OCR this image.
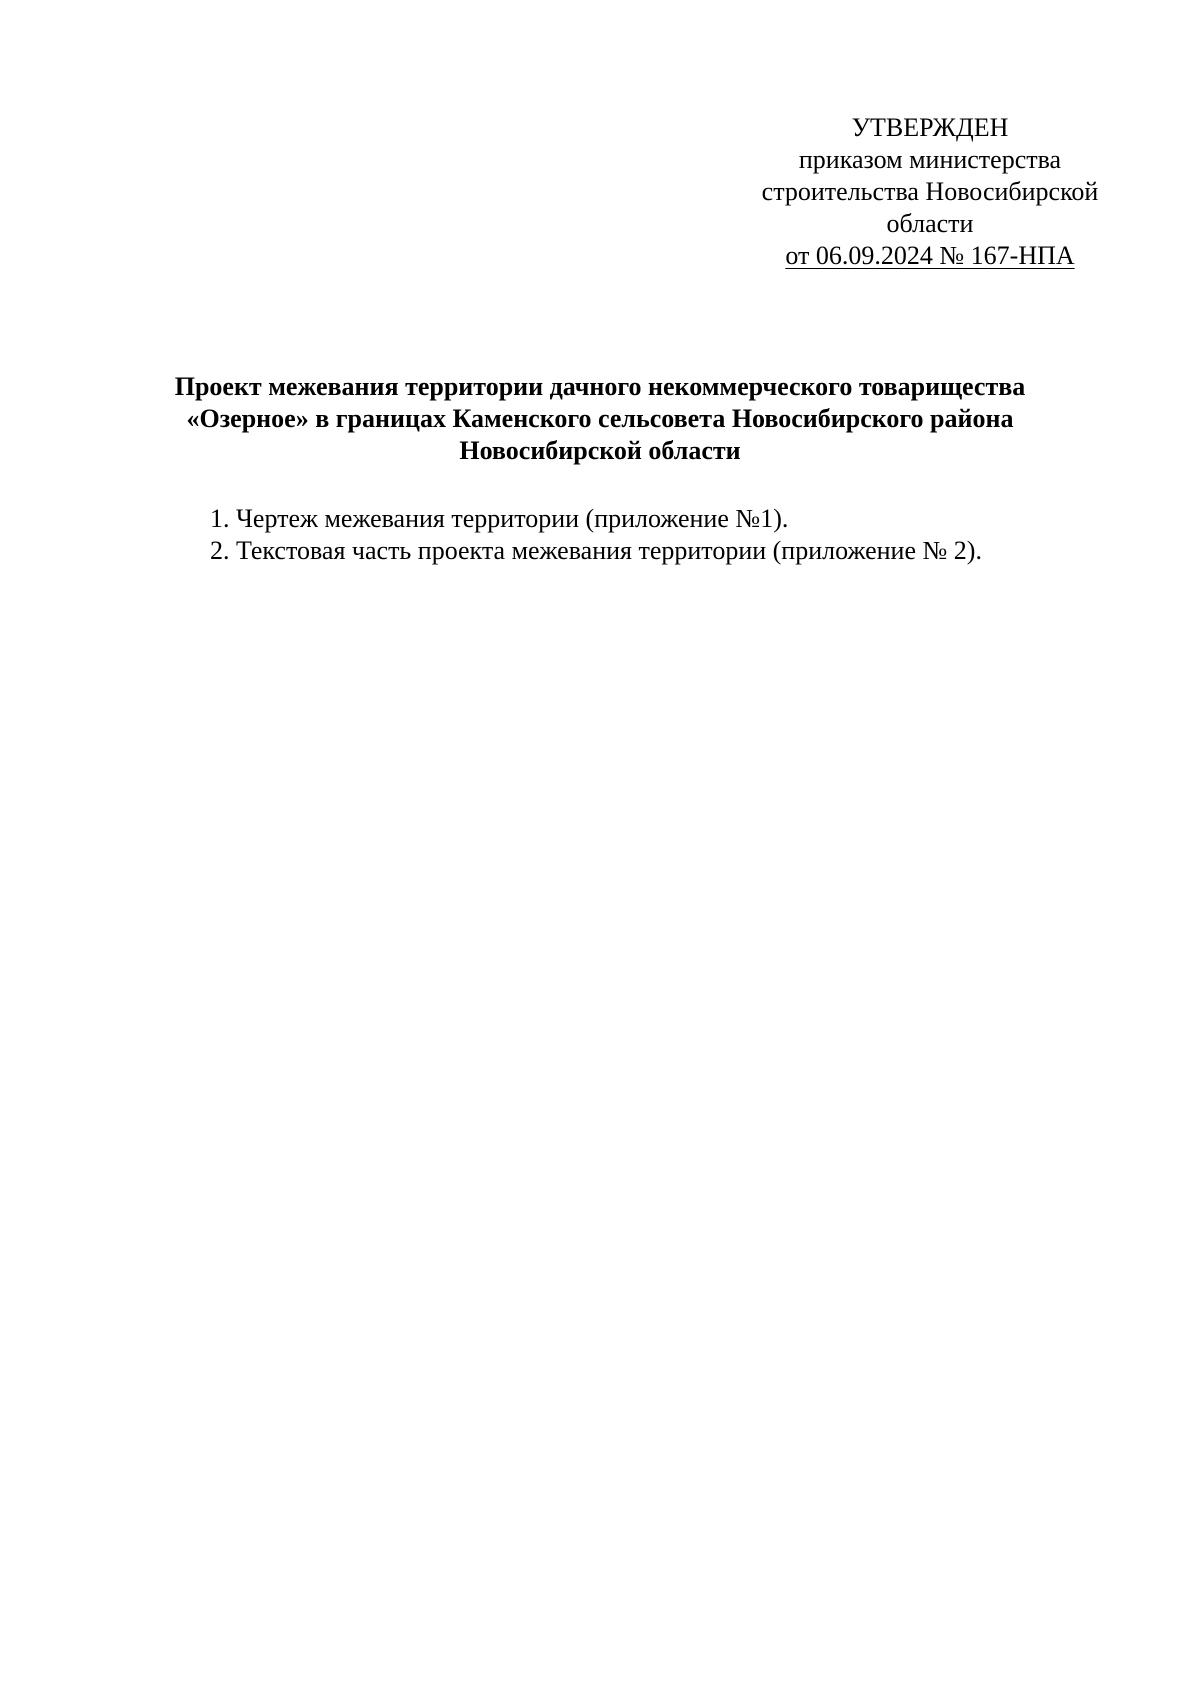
УТВЕРЖДЕН
приказом министерства
строительства Новосибирской
области
от 06.09.2024 № 167-НПА
Проект межевания территории дачного некоммерческого товарищества
«Озерное» в границах Каменского сельсовета Новосибирского района
Новосибирской области
1. Чертеж межевания территории (приложение №1).
2. Текстовая часть проекта межевания территории (приложение № 2).
